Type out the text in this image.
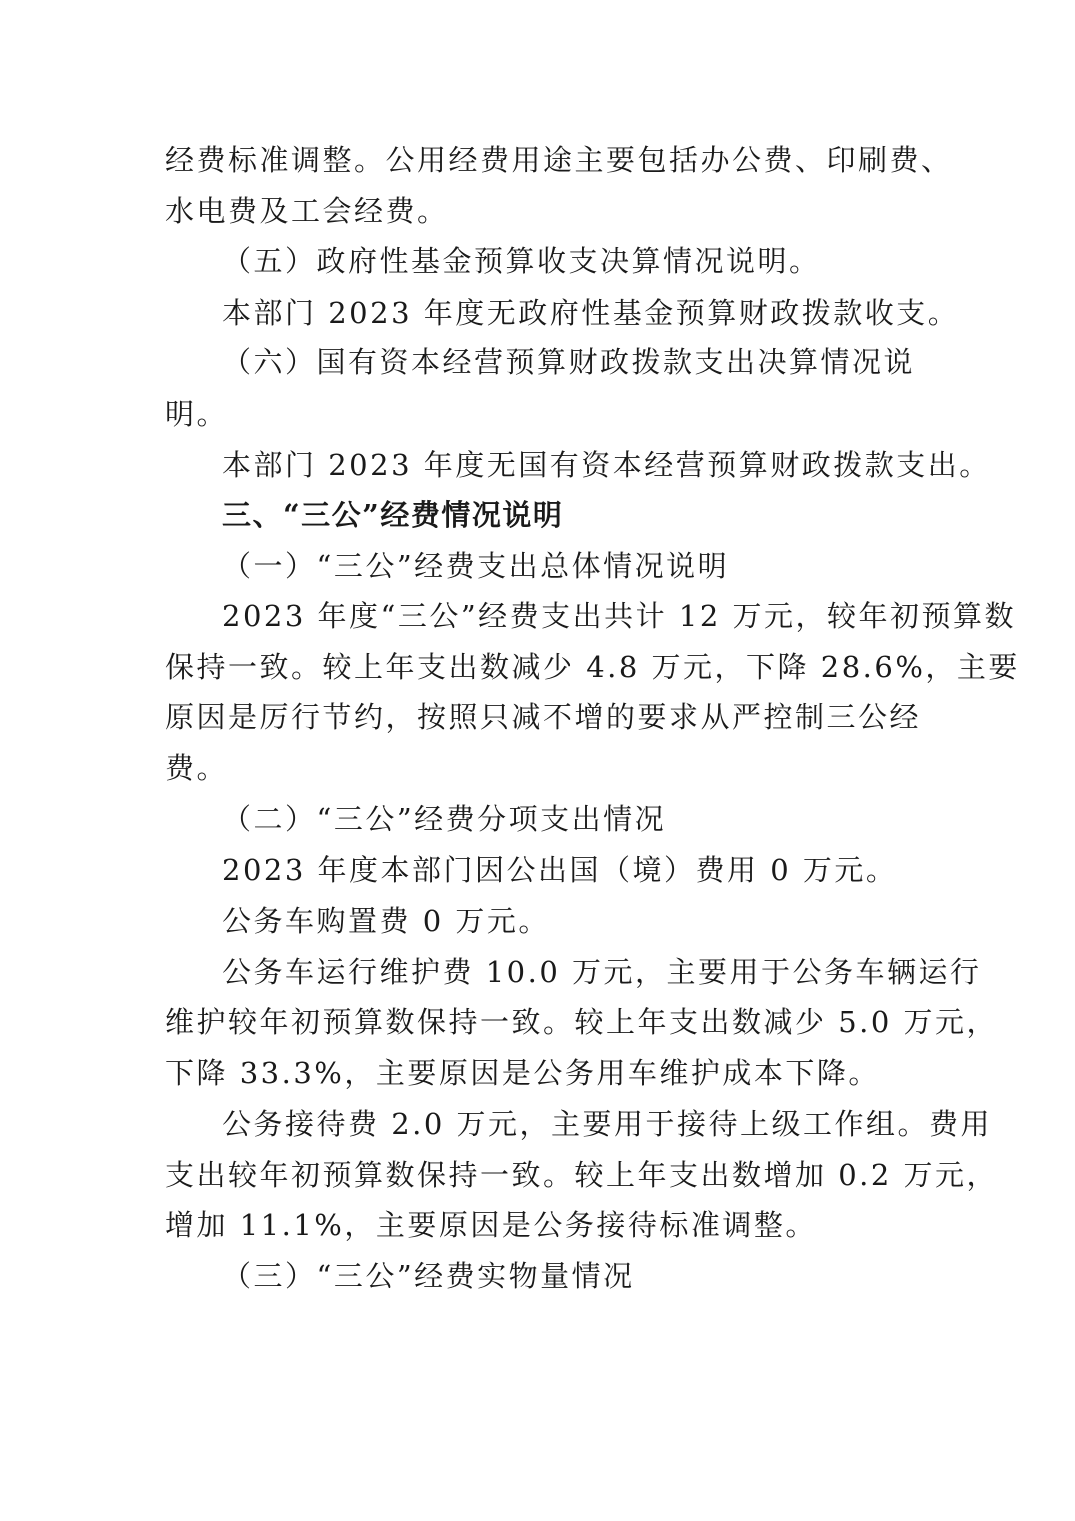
经费标准调整。公用经费用途主要包括办公费、印刷费、
水电费及工会经费。
（五）政府性基金预算收支决算情况说明。
本部门 2023 年度无政府性基金预算财政拨款收支。
（六）国有资本经营预算财政拨款支出决算情况说
明。
本部门 2023 年度无国有资本经营预算财政拨款支出。
三、“三公”经费情况说明
（一）“三公”经费支出总体情况说明
2023 年度“三公”经费支出共计 12 万元，较年初预算数
保持一致。较上年支出数减少 4.8 万元，下降 28.6%，主要
原因是厉行节约，按照只减不增的要求从严控制三公经
费。
（二）“三公”经费分项支出情况
2023 年度本部门因公出国（境）费用 0 万元。
公务车购置费 0 万元。
公务车运行维护费 10.0 万元，主要用于公务车辆运行
维护较年初预算数保持一致。较上年支出数减少 5.0 万元，
下降 33.3%，主要原因是公务用车维护成本下降。
公务接待费 2.0 万元，主要用于接待上级工作组。费用
支出较年初预算数保持一致。较上年支出数增加 0.2 万元，
增加 11.1%，主要原因是公务接待标准调整。
（三）“三公”经费实物量情况
